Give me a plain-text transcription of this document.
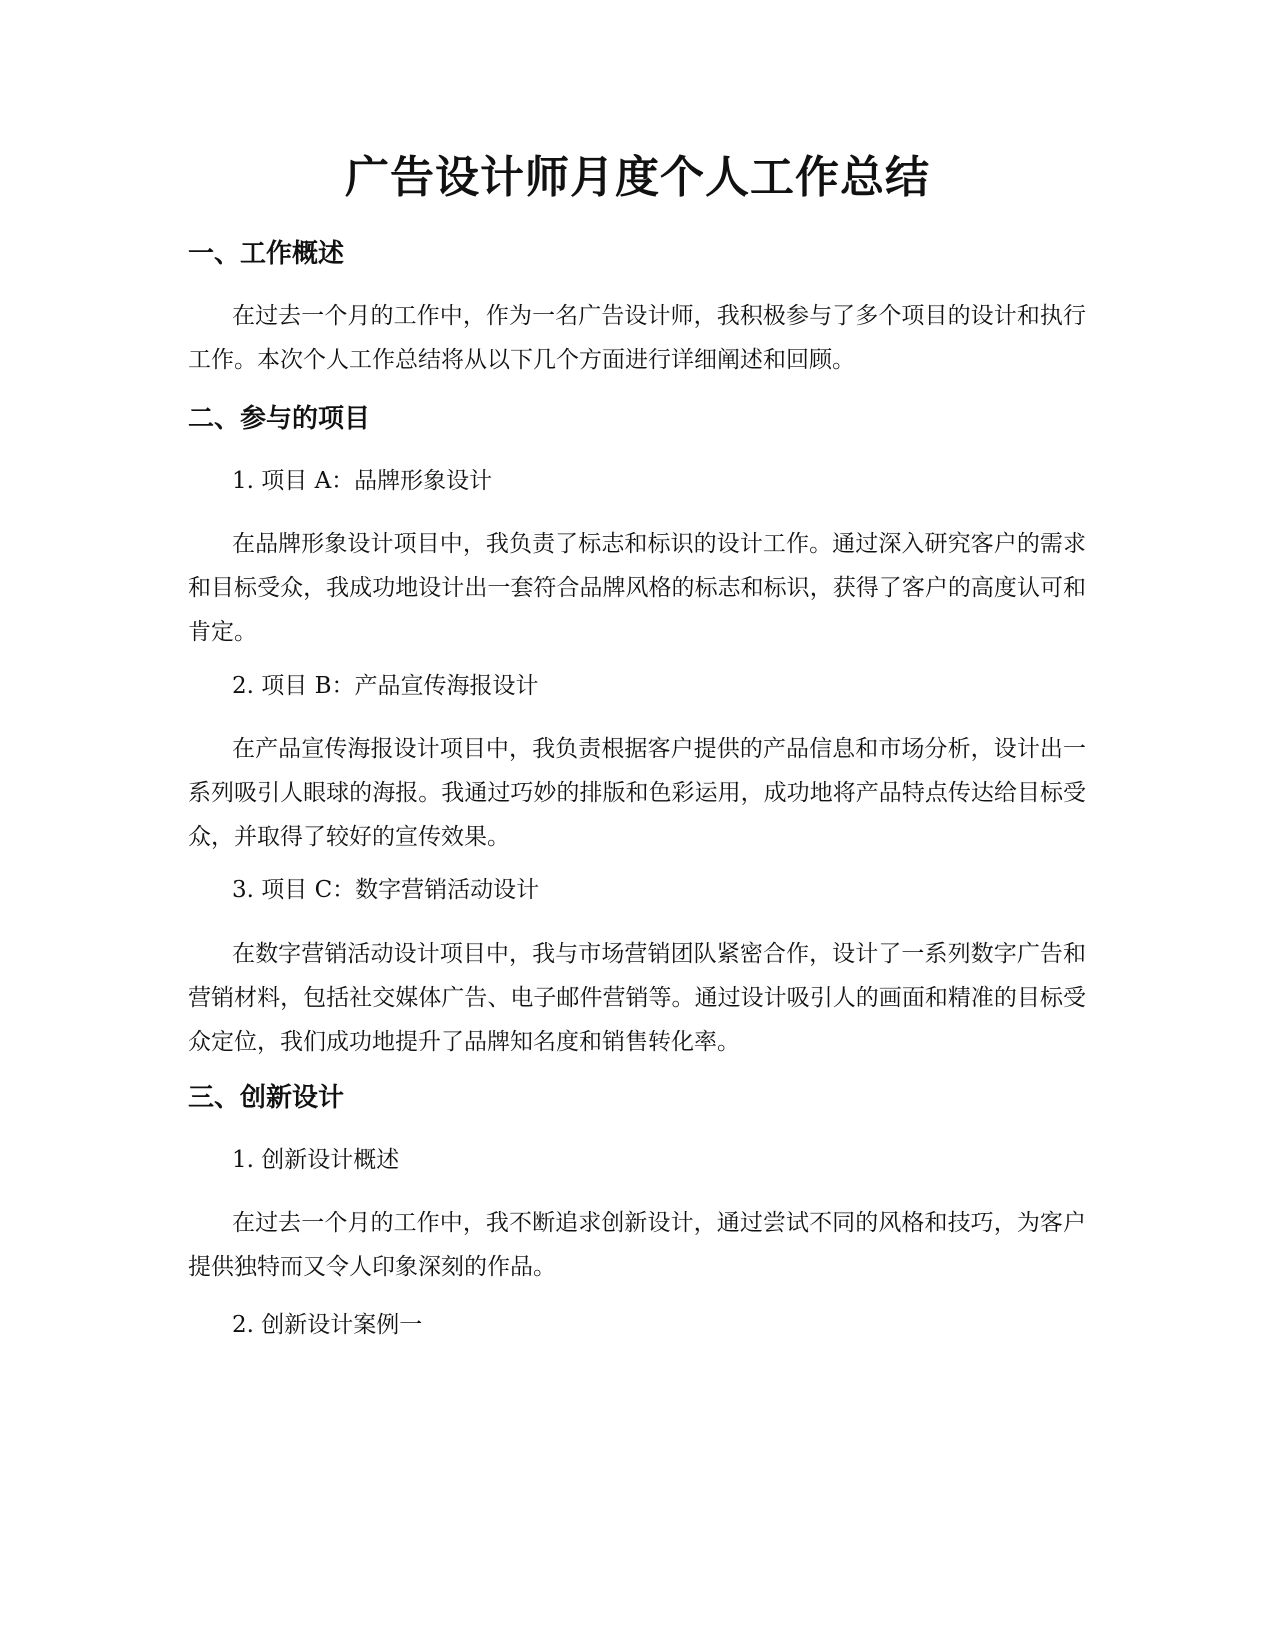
广告设计师月度个人工作总结
一、工作概述

在过去一个月的工作中，作为一名广告设计师，我积极参与了多个项目的设计和执行工作。本次个人工作总结将从以下几个方面进行详细阐述和回顾。

二、参与的项目

1. 项目 A：品牌形象设计

在品牌形象设计项目中，我负责了标志和标识的设计工作。通过深入研究客户的需求和目标受众，我成功地设计出一套符合品牌风格的标志和标识，获得了客户的高度认可和肯定。

2. 项目 B：产品宣传海报设计

在产品宣传海报设计项目中，我负责根据客户提供的产品信息和市场分析，设计出一系列吸引人眼球的海报。我通过巧妙的排版和色彩运用，成功地将产品特点传达给目标受众，并取得了较好的宣传效果。

3. 项目 C：数字营销活动设计

在数字营销活动设计项目中，我与市场营销团队紧密合作，设计了一系列数字广告和营销材料，包括社交媒体广告、电子邮件营销等。通过设计吸引人的画面和精准的目标受众定位，我们成功地提升了品牌知名度和销售转化率。

三、创新设计

1. 创新设计概述

在过去一个月的工作中，我不断追求创新设计，通过尝试不同的风格和技巧，为客户提供独特而又令人印象深刻的作品。

2. 创新设计案例一
